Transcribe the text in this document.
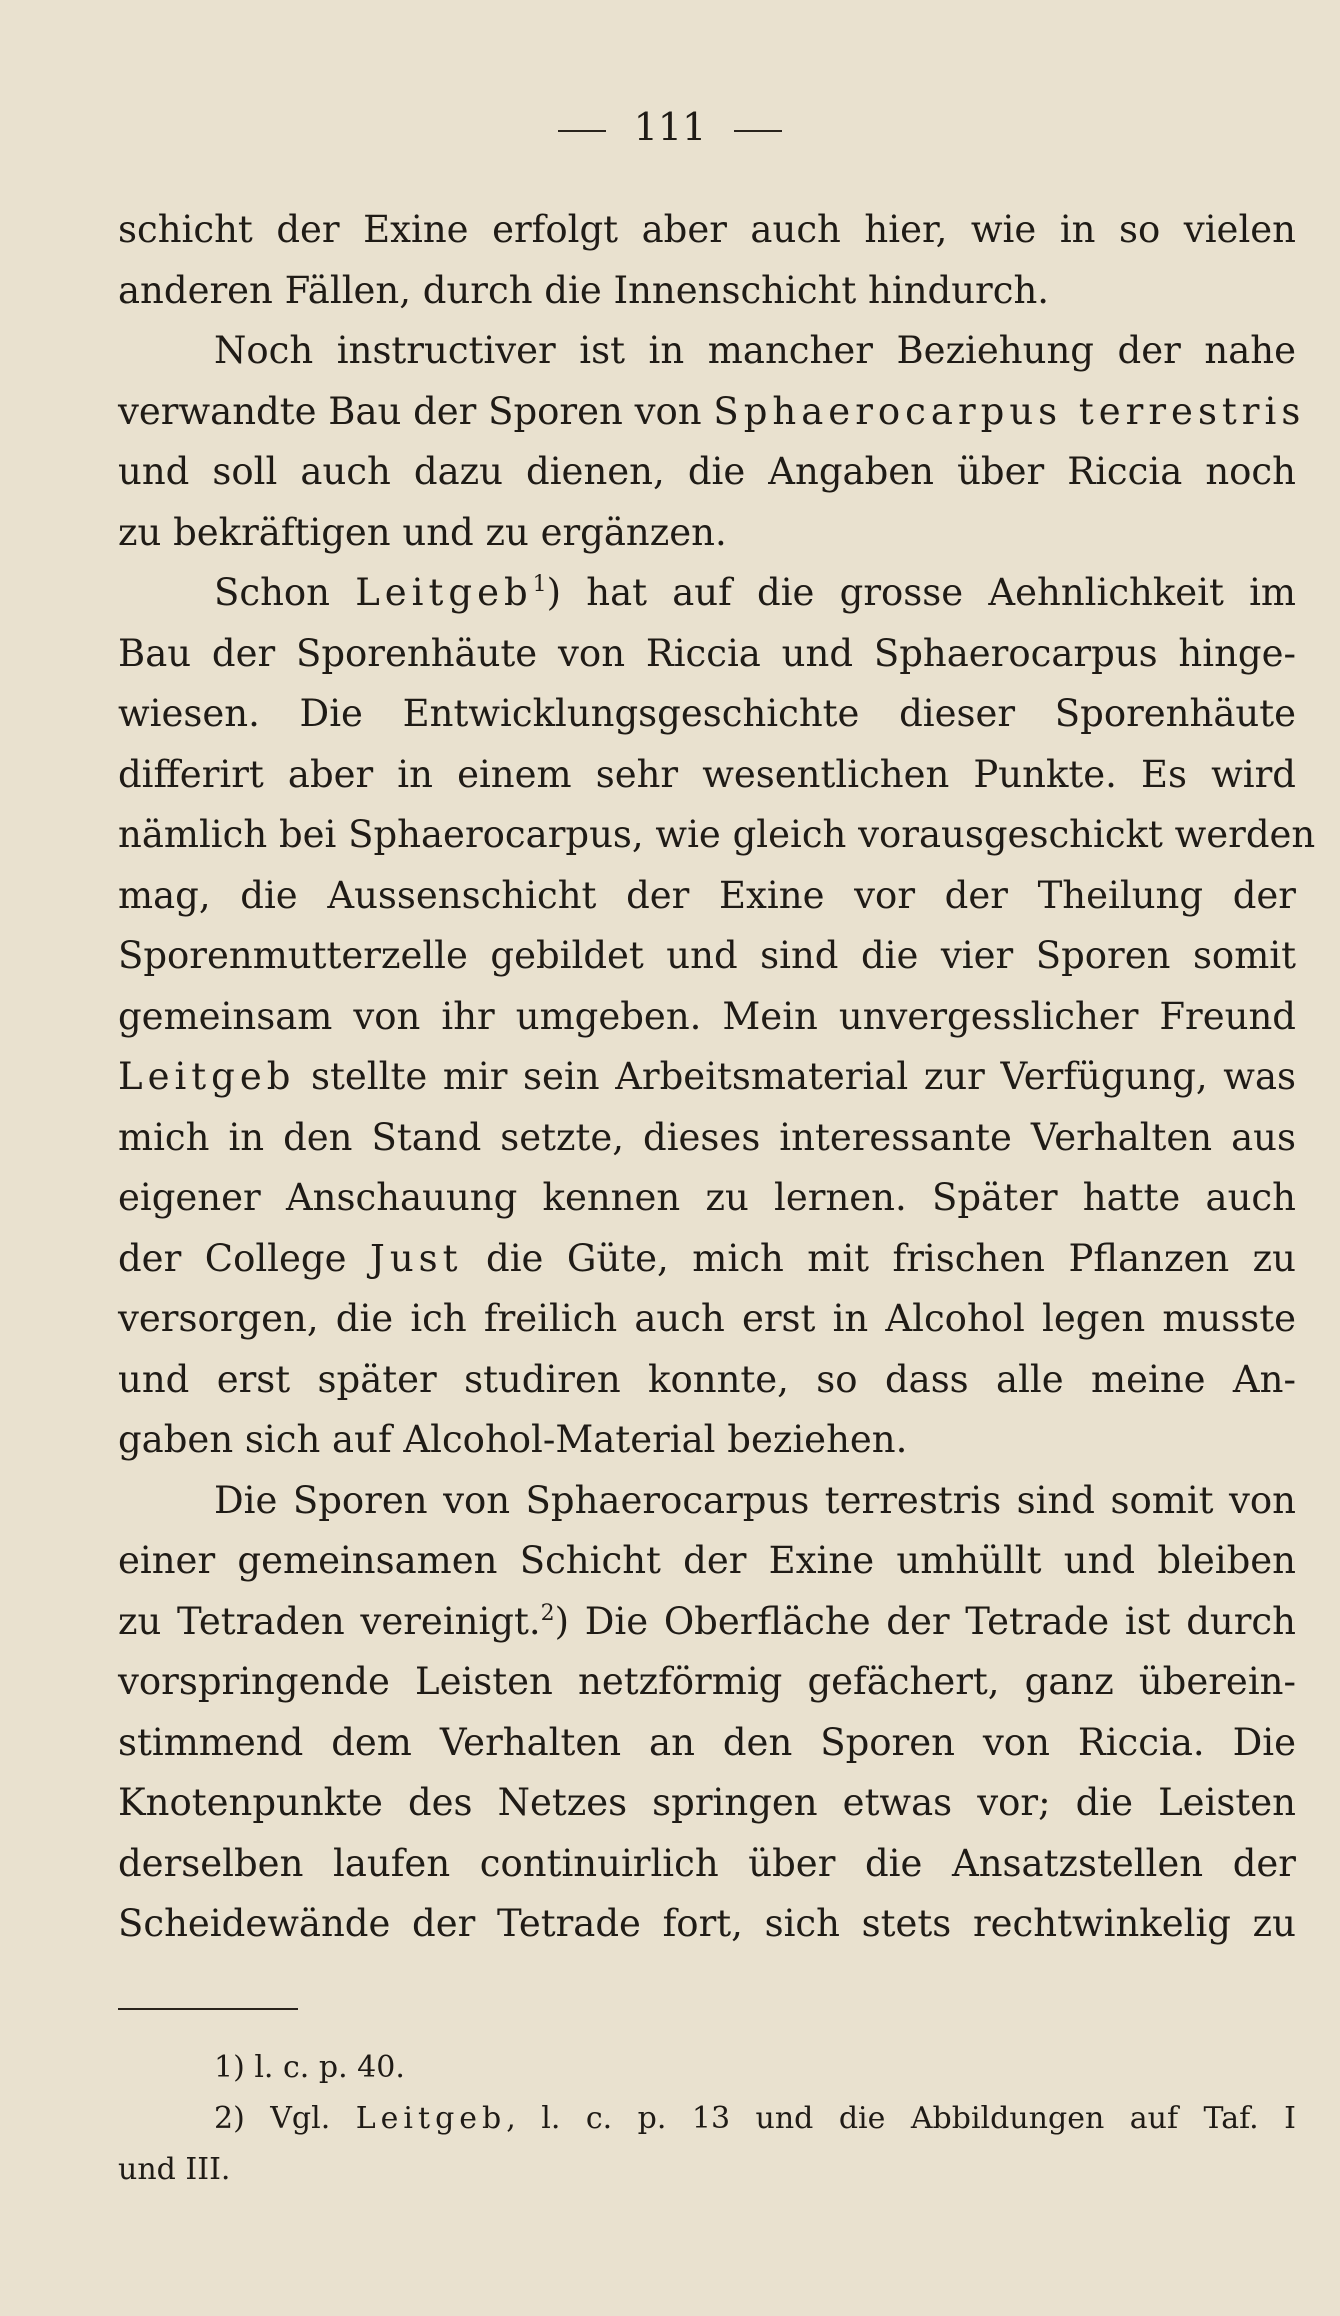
111
schicht der Exine erfolgt aber auch hier, wie in so vielen
anderen Fällen, durch die Innenschicht hindurch.
Noch instructiver ist in mancher Beziehung der nahe
verwandte Bau der Sporen von Sphaerocarpus terrestris
und soll auch dazu dienen, die Angaben über Riccia noch
zu bekräftigen und zu ergänzen.
Schon Leitgeb$^1$) hat auf die grosse Aehnlichkeit im
Bau der Sporenhäute von Riccia und Sphaerocarpus hinge-
wiesen. Die Entwicklungsgeschichte dieser Sporenhäute
differirt aber in einem sehr wesentlichen Punkte. Es wird
nämlich bei Sphaerocarpus, wie gleich vorausgeschickt werden
mag, die Aussenschicht der Exine vor der Theilung der
Sporenmutterzelle gebildet und sind die vier Sporen somit
gemeinsam von ihr umgeben. Mein unvergesslicher Freund
Leitgeb stellte mir sein Arbeitsmaterial zur Verfügung, was
mich in den Stand setzte, dieses interessante Verhalten aus
eigener Anschauung kennen zu lernen. Später hatte auch
der College Just die Güte, mich mit frischen Pflanzen zu
versorgen, die ich freilich auch erst in Alcohol legen musste
und erst später studiren konnte, so dass alle meine An-
gaben sich auf Alcohol-Material beziehen.
Die Sporen von Sphaerocarpus terrestris sind somit von
einer gemeinsamen Schicht der Exine umhüllt und bleiben
zu Tetraden vereinigt.$^2$) Die Oberfläche der Tetrade ist durch
vorspringende Leisten netzförmig gefächert, ganz überein-
stimmend dem Verhalten an den Sporen von Riccia. Die
Knotenpunkte des Netzes springen etwas vor; die Leisten
derselben laufen continuirlich über die Ansatzstellen der
Scheidewände der Tetrade fort, sich stets rechtwinkelig zu
1) l. c. p. 40.
2) Vgl. Leitgeb, l. c. p. 13 und die Abbildungen auf Taf. I
und III.
